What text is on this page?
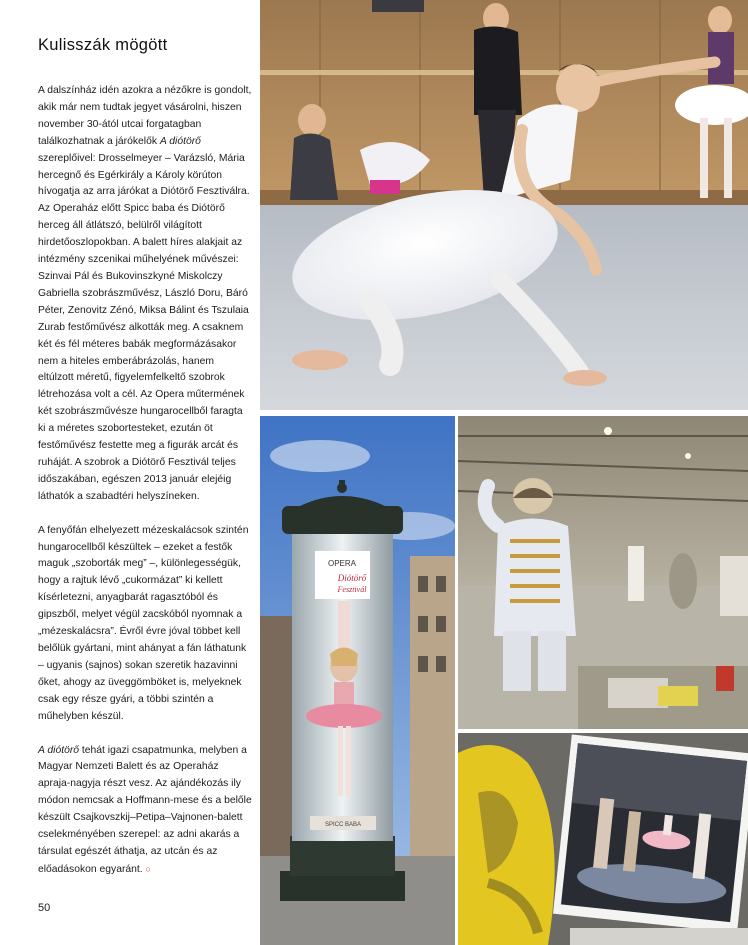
Kulisszák mögött

A dalszínház idén azokra a nézőkre is gondolt, akik már nem tudtak jegyet vásárolni, hiszen november 30-ától utcai forgatagban találkozhatnak a járókelők A diótörő szereplőivel: Drosselmeyer – Varázsló, Mária hercegnő és Egérkirály a Károly körúton hívogatja az arra járókat a Diótörő Fesztiválra. Az Operaház előtt Spicc baba és Diótörő herceg áll átlátszó, belülről világított hirdetőoszlopokban. A balett híres alakjait az intézmény szcenikai műhelyének művészei: Szinvai Pál és Bukovinszkyné Miskolczy Gabriella szobrászművész, László Doru, Báró Péter, Zenovitz Zénó, Miksa Bálint és Tszulaia Zurab festőművész alkották meg. A csaknem két és fél méteres babák megformázásakor nem a hiteles emberábrázolás, hanem eltúlzott méretű, figyelemfelkeltő szobrok létrehozása volt a cél. Az Opera műtermének két szobrászművésze hungarocellből faragta ki a méretes szobortesteket, ezután öt festőművész festette meg a figurák arcát és ruháját. A szobrok a Diótörő Fesztivál teljes időszakában, egészen 2013 január elejéig láthatók a szabadtéri helyszíneken.

A fenyőfán elhelyezett mézeskalácsok szintén hungarocellből készültek – ezeket a festők maguk „szoborták meg” –, különlegességük, hogy a rajtuk lévő „cukormázat” ki kellett kísérletezni, anyagbarát ragasztóból és gipszből, melyet végül zacskóból nyomnak a „mézeskalácsra”. Évről évre jóval többet kell belőlük gyártani, mint ahányat a fán láthatunk – ugyanis (sajnos) sokan szeretik hazavinni őket, ahogy az üveggömböket is, melyeknek csak egy része gyári, a többi szintén a műhelyben készül.

A diótörő tehát igazi csapatmunka, melyben a Magyar Nemzeti Balett és az Operaház apraja-nagyja részt vesz. Az ajándékozás ily módon nemcsak a Hoffmann-mese és a belőle készült Csajkovszkij–Petipa–Vajnonen-balett cselekményében szerepel: az adni akarás a társulat egészét áthatja, az utcán és az előadásokon egyaránt. ○

50
OPERA
Diótörő
Fesztivál
SPICC BABA
